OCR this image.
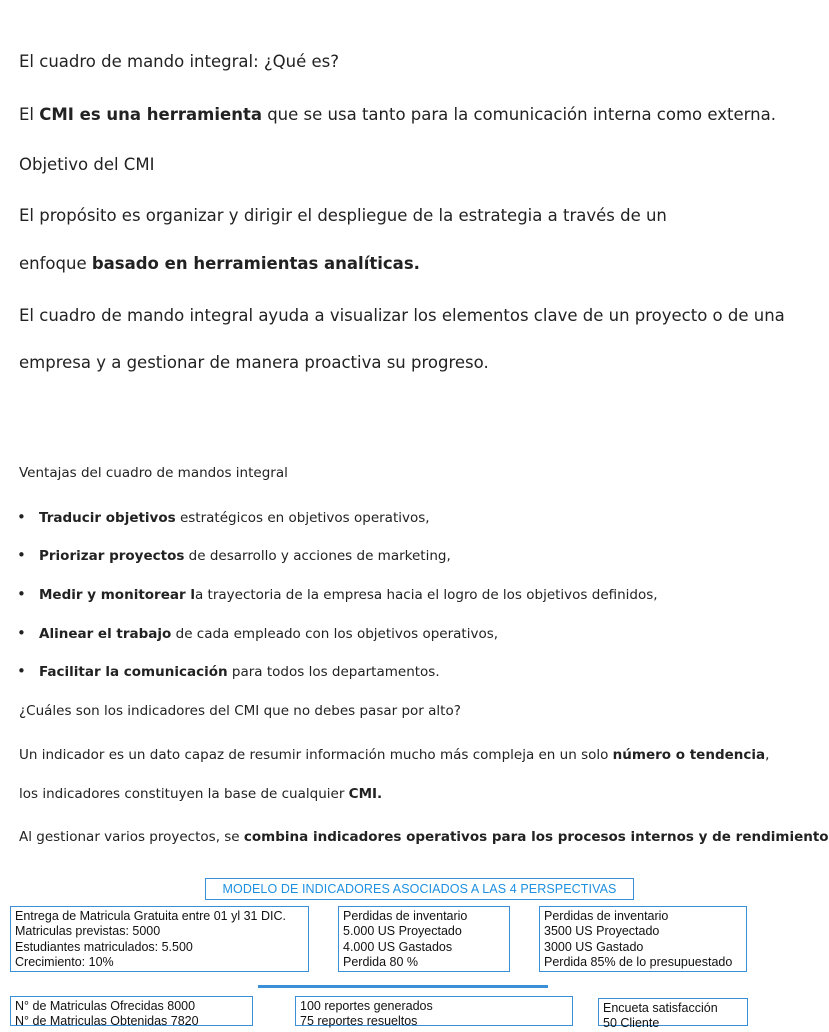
El cuadro de mando integral: ¿Qué es?

El CMI es una herramienta que se usa tanto para la comunicación interna como externa.

Objetivo del CMI

El propósito es organizar y dirigir el despliegue de la estrategia a través de un

enfoque basado en herramientas analíticas.

El cuadro de mando integral ayuda a visualizar los elementos clave de un proyecto o de una

empresa y a gestionar de manera proactiva su progreso.

Ventajas del cuadro de mandos integral

• Traducir objetivos estratégicos en objetivos operativos,
• Priorizar proyectos de desarrollo y acciones de marketing,
• Medir y monitorear la trayectoria de la empresa hacia el logro de los objetivos definidos,
• Alinear el trabajo de cada empleado con los objetivos operativos,
• Facilitar la comunicación para todos los departamentos.

¿Cuáles son los indicadores del CMI que no debes pasar por alto?

Un indicador es un dato capaz de resumir información mucho más compleja en un solo número o tendencia,

los indicadores constituyen la base de cualquier CMI.

Al gestionar varios proyectos, se combina indicadores operativos para los procesos internos y de rendimiento

MODELO DE INDICADORES ASOCIADOS A LAS 4 PERSPECTIVAS
Entrega de Matricula Gratuita entre 01 yl 31 DIC.
Matriculas previstas: 5000
Estudiantes matriculados: 5.500
Crecimiento: 10%
Perdidas de inventario
5.000 US Proyectado
4.000 US Gastados
Perdida 80 %
Perdidas de inventario
3500 US Proyectado
3000 US Gastado
Perdida 85% de lo presupuestado
N° de Matriculas Ofrecidas 8000
N° de Matriculas Obtenidas 7820
100 reportes generados
75 reportes resueltos
Encueta satisfacción
50 Cliente
